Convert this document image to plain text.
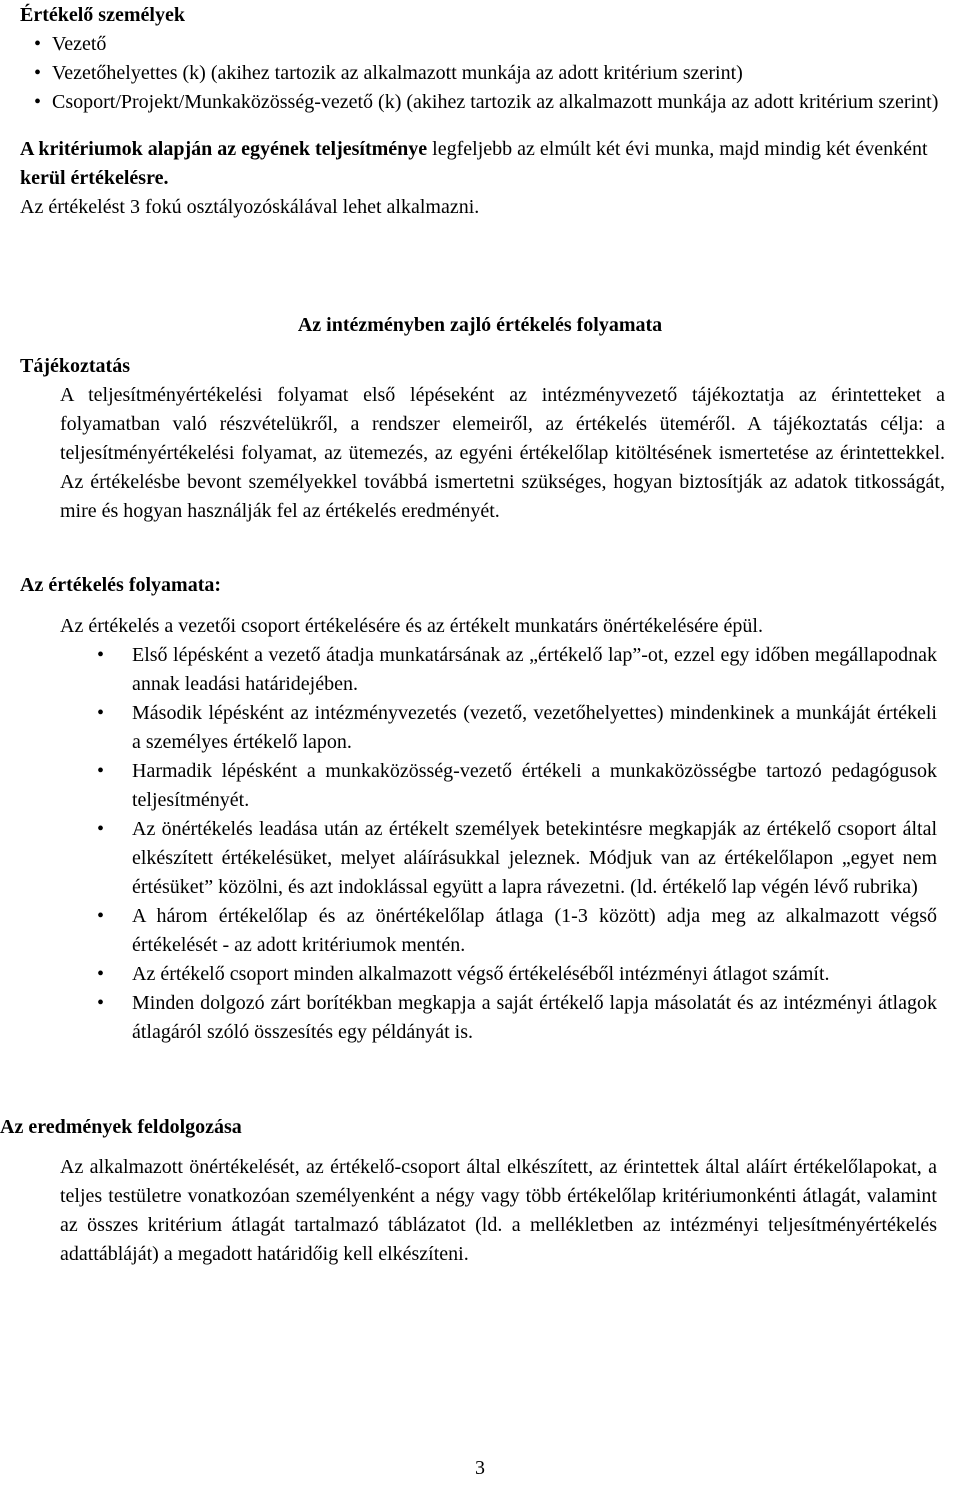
Értékelő személyek
• Vezető
• Vezetőhelyettes (k) (akihez tartozik az alkalmazott munkája az adott kritérium szerint)
• Csoport/Projekt/Munkaközösség-vezető (k) (akihez tartozik az alkalmazott munkája az adott kritérium szerint)

A kritériumok alapján az egyének teljesítménye legfeljebb az elmúlt két évi munka, majd mindig két évenként kerül értékelésre.
Az értékelést 3 fokú osztályozóskálával lehet alkalmazni.

Az intézményben zajló értékelés folyamata
Tájékoztatás
A teljesítményértékelési folyamat első lépéseként az intézményvezető tájékoztatja az érintetteket a folyamatban való részvételükről, a rendszer elemeiről, az értékelés üteméről. A tájékoztatás célja: a teljesítményértékelési folyamat, az ütemezés, az egyéni értékelőlap kitöltésének ismertetése az érintettekkel. Az értékelésbe bevont személyekkel továbbá ismertetni szükséges, hogyan biztosítják az adatok titkosságát, mire és hogyan használják fel az értékelés eredményét.
Az értékelés folyamata:
Az értékelés a vezetői csoport értékelésére és az értékelt munkatárs önértékelésére épül.
• Első lépésként a vezető átadja munkatársának az „értékelő lap”-ot, ezzel egy időben megállapodnak annak leadási határidejében.
• Második lépésként az intézményvezetés (vezető, vezetőhelyettes) mindenkinek a munkáját értékeli a személyes értékelő lapon.
• Harmadik lépésként a munkaközösség-vezető értékeli a munkaközösségbe tartozó pedagógusok teljesítményét.
• Az önértékelés leadása után az értékelt személyek betekintésre megkapják az értékelő csoport által elkészített értékelésüket, melyet aláírásukkal jeleznek. Módjuk van az értékelőlapon „egyet nem értésüket” közölni, és azt indoklással együtt a lapra rávezetni. (ld. értékelő lap végén lévő rubrika)
• A három értékelőlap és az önértékelőlap átlaga (1-3 között) adja meg az alkalmazott végső értékelését - az adott kritériumok mentén.
• Az értékelő csoport minden alkalmazott végső értékeléséből intézményi átlagot számít.
• Minden dolgozó zárt borítékban megkapja a saját értékelő lapja másolatát és az intézményi átlagok átlagáról szóló összesítés egy példányát is.
Az eredmények feldolgozása
Az alkalmazott önértékelését, az értékelő-csoport által elkészített, az érintettek által aláírt értékelőlapokat, a teljes testületre vonatkozóan személyenként a négy vagy több értékelőlap kritériumonkénti átlagát, valamint az összes kritérium átlagát tartalmazó táblázatot (ld. a mellékletben az intézményi teljesítményértékelés adattábláját) a megadott határidőig kell elkészíteni.
3
